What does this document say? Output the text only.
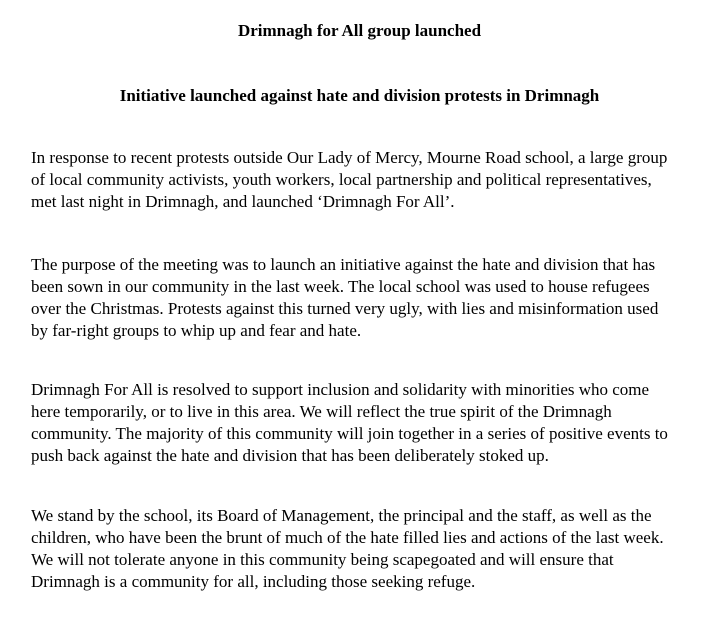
Drimnagh for All group launched
Initiative launched against hate and division protests in Drimnagh
In response to recent protests outside Our Lady of Mercy, Mourne Road school, a large group
of local community activists, youth workers, local partnership and political representatives,
met last night in Drimnagh, and launched ‘Drimnagh For All’.
The purpose of the meeting was to launch an initiative against the hate and division that has
been sown in our community in the last week. The local school was used to house refugees
over the Christmas. Protests against this turned very ugly, with lies and misinformation used
by far-right groups to whip up and fear and hate.
Drimnagh For All is resolved to support inclusion and solidarity with minorities who come
here temporarily, or to live in this area. We will reflect the true spirit of the Drimnagh
community. The majority of this community will join together in a series of positive events to
push back against the hate and division that has been deliberately stoked up.
We stand by the school, its Board of Management, the principal and the staff, as well as the
children, who have been the brunt of much of the hate filled lies and actions of the last week.
We will not tolerate anyone in this community being scapegoated and will ensure that
Drimnagh is a community for all, including those seeking refuge.
